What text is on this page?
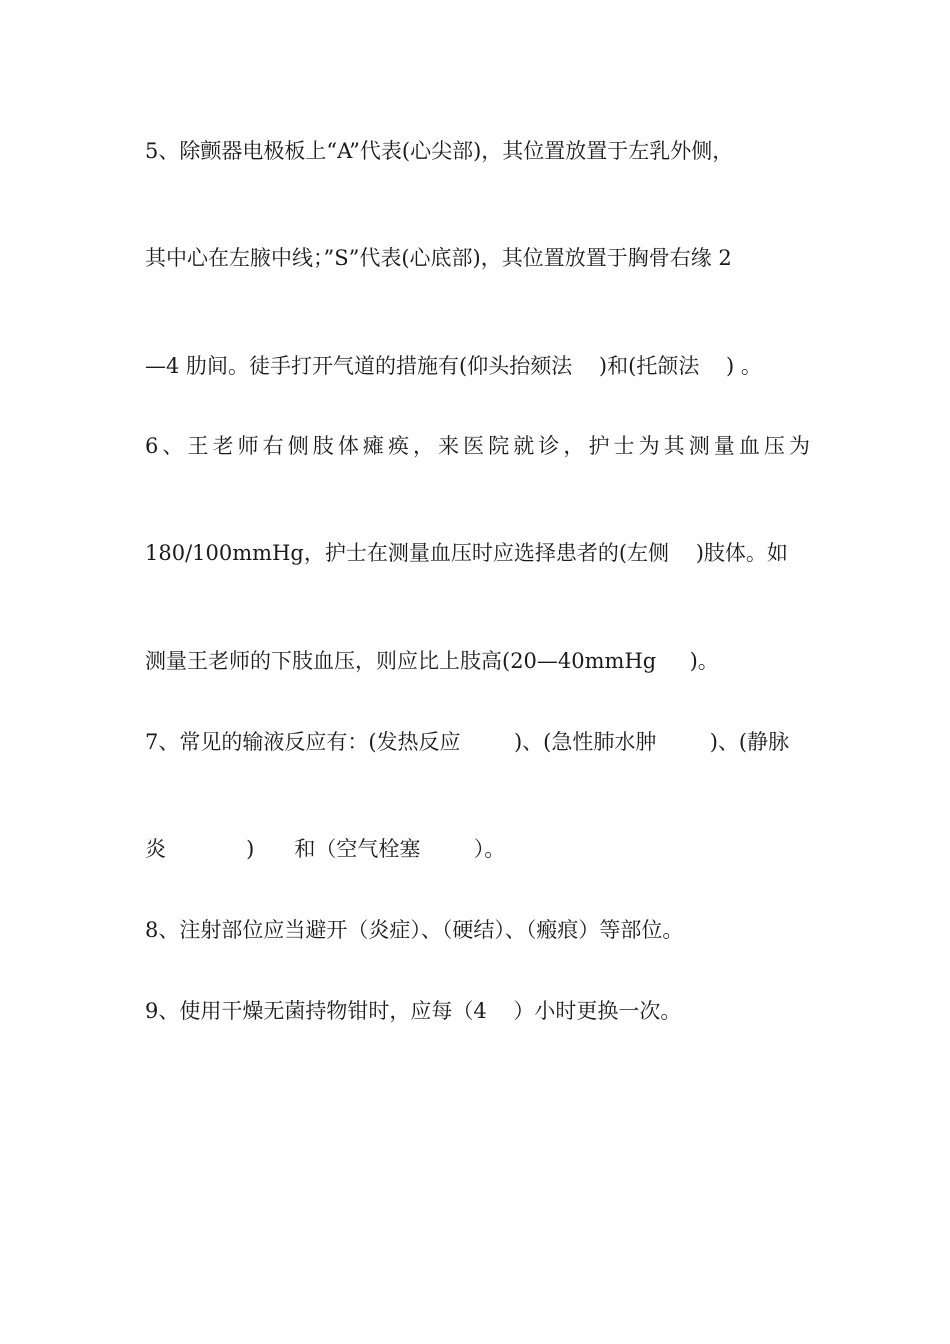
5、除颤器电极板上“A”代表(心尖部)，其位置放置于左乳外侧，
其中心在左腋中线；”S”代表(心底部)，其位置放置于胸骨右缘 2
—4 肋间。徒手打开气道的措施有(仰头抬颏法    )和(托颌法    ) 。
6、王老师右侧肢体瘫痪，来医院就诊，护士为其测量血压为
180/100mmHg，护士在测量血压时应选择患者的(左侧    )肢体。如
测量王老师的下肢血压，则应比上肢高(20—40mmHg     )。
7、常见的输液反应有：(发热反应        )、(急性肺水肿        )、(静脉
炎            )      和（空气栓塞        ）。
8、注射部位应当避开（炎症）、（硬结）、（瘢痕）等部位。
9、使用干燥无菌持物钳时，应每（4    ）小时更换一次。
